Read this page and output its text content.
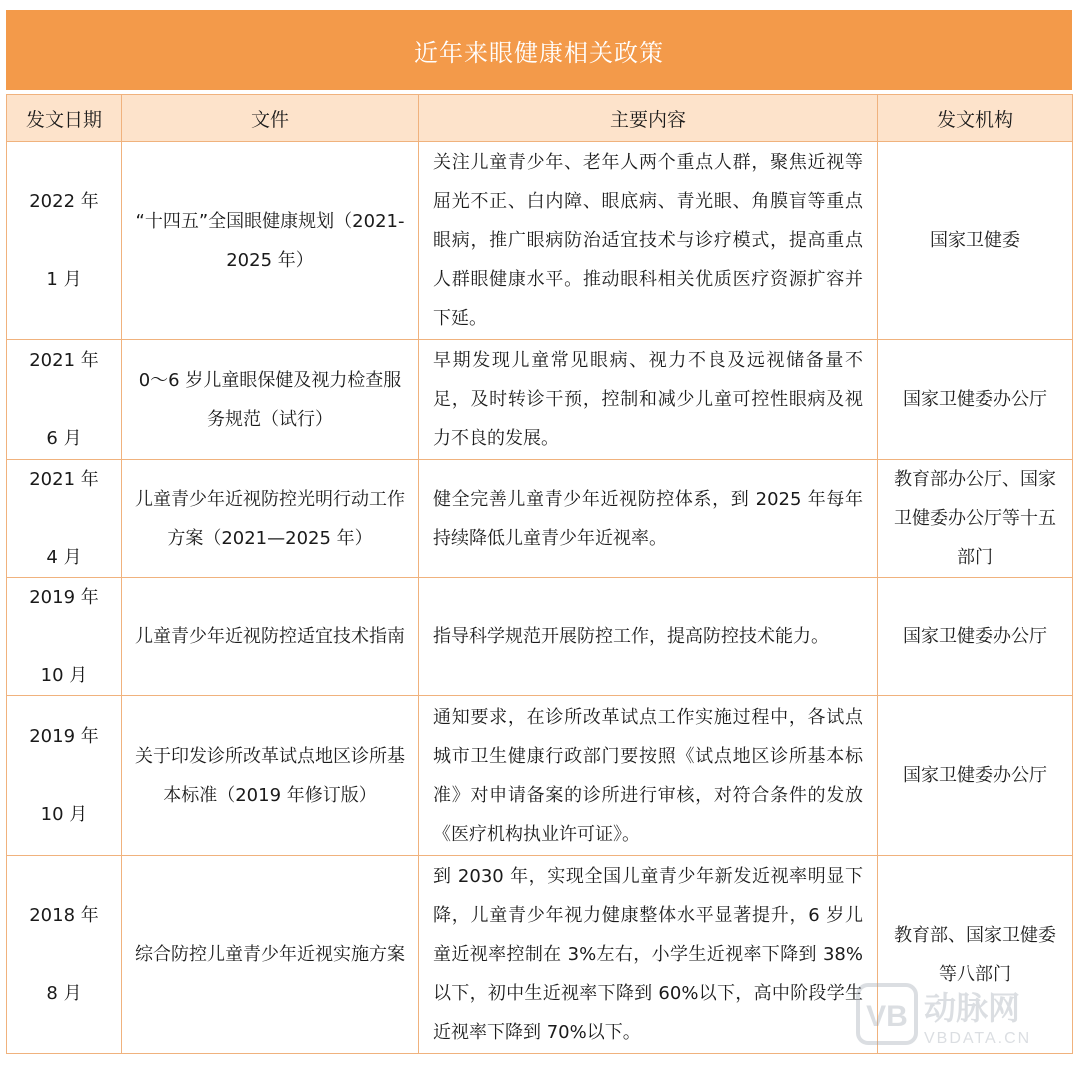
近年来眼健康相关政策
发文日期	文件	主要内容	发文机构

2022 年
1 月	“十四五”全国眼健康规划（2021-2025 年）	关注儿童青少年、老年人两个重点人群，聚焦近视等屈光不正、白内障、眼底病、青光眼、角膜盲等重点眼病，推广眼病防治适宜技术与诊疗模式，提高重点人群眼健康水平。推动眼科相关优质医疗资源扩容并下延。	国家卫健委

2021 年
6 月	0～6 岁儿童眼保健及视力检查服务规范（试行）	早期发现儿童常见眼病、视力不良及远视储备量不足，及时转诊干预，控制和减少儿童可控性眼病及视力不良的发展。	国家卫健委办公厅

2021 年
4 月	儿童青少年近视防控光明行动工作方案（2021—2025 年）	健全完善儿童青少年近视防控体系，到 2025 年每年持续降低儿童青少年近视率。	教育部办公厅、国家卫健委办公厅等十五部门

2019 年
10 月	儿童青少年近视防控适宜技术指南	指导科学规范开展防控工作，提高防控技术能力。	国家卫健委办公厅

2019 年
10 月	关于印发诊所改革试点地区诊所基本标准（2019 年修订版）	通知要求，在诊所改革试点工作实施过程中，各试点城市卫生健康行政部门要按照《试点地区诊所基本标准》对申请备案的诊所进行审核，对符合条件的发放《医疗机构执业许可证》。	国家卫健委办公厅

2018 年
8 月	综合防控儿童青少年近视实施方案	到 2030 年，实现全国儿童青少年新发近视率明显下降，儿童青少年视力健康整体水平显著提升，6 岁儿童近视率控制在 3%左右，小学生近视率下降到 38%以下，初中生近视率下降到 60%以下，高中阶段学生近视率下降到 70%以下。	教育部、国家卫健委等八部门
VB 动脉网
VBDATA.CN
